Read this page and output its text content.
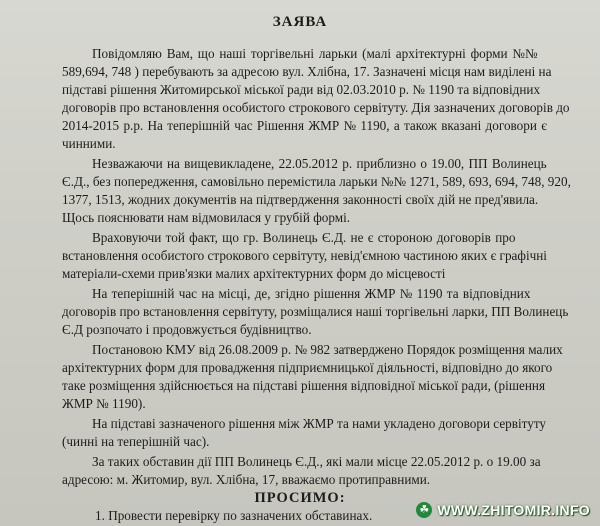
ЗАЯВА
Повідомляю Вам, що наші торгівельні ларьки (малі архітектурні форми №№
589,694, 748 ) перебувають за адресою вул. Хлібна, 17. Зазначені місця нам виділені на
підставі рішення Житомирської міської ради від 02.03.2010 р. № 1190 та відповідних
договорів про встановлення особистого строкового сервітуту. Дія зазначених договорів до
2014-2015 р.р. На теперішній час Рішення ЖМР № 1190, а також вказані договори є
чинними.
Незважаючи на вищевикладене, 22.05.2012 р. приблизно о 19.00, ПП Волинець
Є.Д., без попередження, самовільно перемістила ларьки №№ 1271, 589, 693, 694, 748, 920,
1377, 1513, жодних документів на підтвердження законності своїх дій не пред'явила.
Щось пояснювати нам відмовилася у грубій формі.
Враховуючи той факт, що гр. Волинець Є.Д. не є стороною договорів про
встановлення особистого строкового сервітуту, невід'ємною частиною яких є графічні
матеріали-схеми прив'язки малих архітектурних форм до місцевості
На теперішній час на місці, де, згідно рішення ЖМР № 1190 та відповідних
договорів про встановлення сервітуту, розміщалися наші торгівельні ларки, ПП Волинець
Є.Д розпочато і продовжується будівництво.
Постановою КМУ від 26.08.2009 р. № 982 затверджено Порядок розміщення малих
архітектурних форм для провадження підприємницької діяльності, відповідно до якого
таке розміщення здійснюється на підставі рішення відповідної міської ради, (рішення
ЖМР № 1190).
На підставі зазначеного рішення між ЖМР та нами укладено договори сервітуту
(чинні на теперішній час).
За таких обставин дії ПП Волинець Є.Д., які мали місце 22.05.2012 р. о 19.00 за
адресою: м. Житомир, вул. Хлібна, 17, вважаємо протиправними.
ПРОСИМО:
1. Провести перевірку по зазначених обставинах.	☘ WWW.ZHITOMIR.INFO
